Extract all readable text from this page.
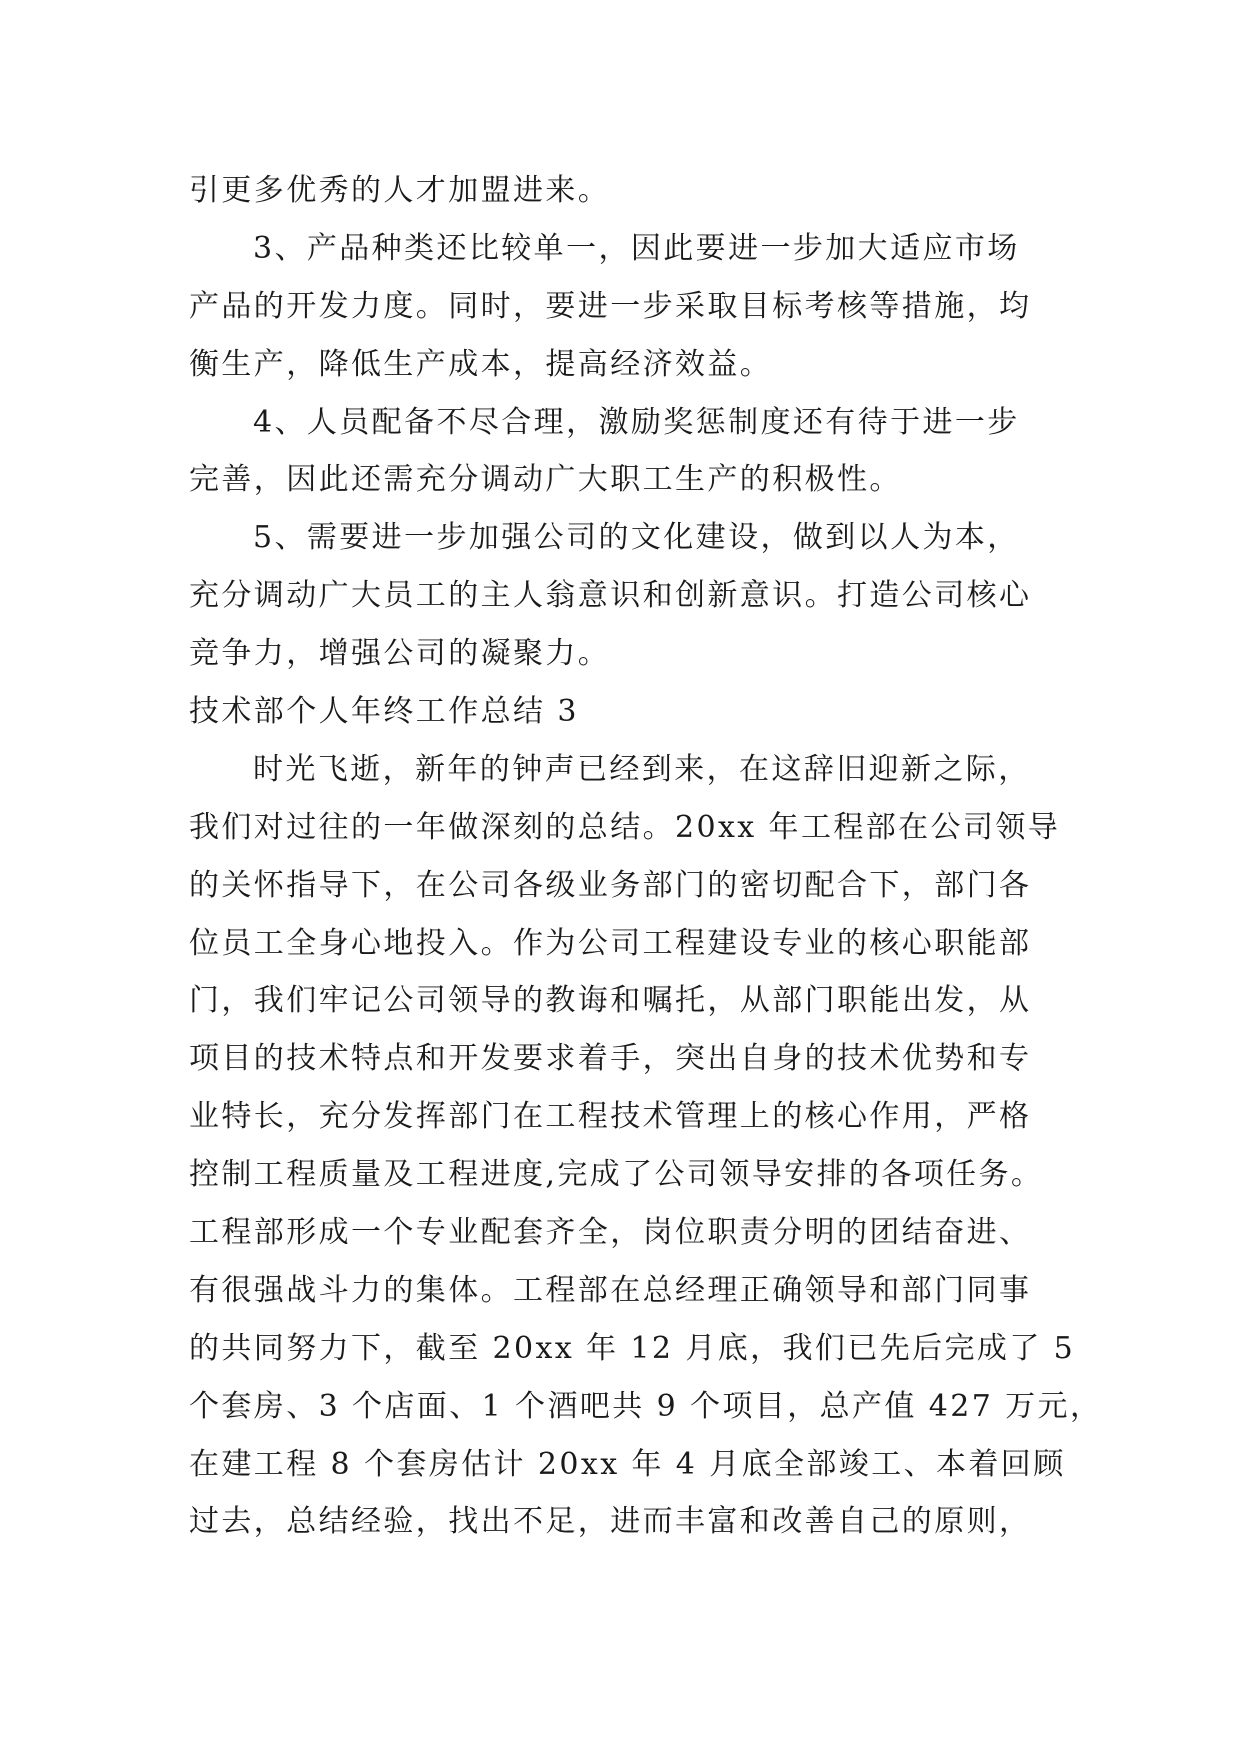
引更多优秀的人才加盟进来。
3、产品种类还比较单一，因此要进一步加大适应市场
产品的开发力度。同时，要进一步采取目标考核等措施，均
衡生产，降低生产成本，提高经济效益。
4、人员配备不尽合理，激励奖惩制度还有待于进一步
完善，因此还需充分调动广大职工生产的积极性。
5、需要进一步加强公司的文化建设，做到以人为本，
充分调动广大员工的主人翁意识和创新意识。打造公司核心
竞争力，增强公司的凝聚力。
技术部个人年终工作总结 3
时光飞逝，新年的钟声已经到来，在这辞旧迎新之际，
我们对过往的一年做深刻的总结。20xx 年工程部在公司领导
的关怀指导下，在公司各级业务部门的密切配合下，部门各
位员工全身心地投入。作为公司工程建设专业的核心职能部
门，我们牢记公司领导的教诲和嘱托，从部门职能出发，从
项目的技术特点和开发要求着手，突出自身的技术优势和专
业特长，充分发挥部门在工程技术管理上的核心作用，严格
控制工程质量及工程进度,完成了公司领导安排的各项任务。
工程部形成一个专业配套齐全，岗位职责分明的团结奋进、
有很强战斗力的集体。工程部在总经理正确领导和部门同事
的共同努力下，截至 20xx 年 12 月底，我们已先后完成了 5
个套房、3 个店面、1 个酒吧共 9 个项目，总产值 427 万元，
在建工程 8 个套房估计 20xx 年 4 月底全部竣工、本着回顾
过去，总结经验，找出不足，进而丰富和改善自己的原则，
